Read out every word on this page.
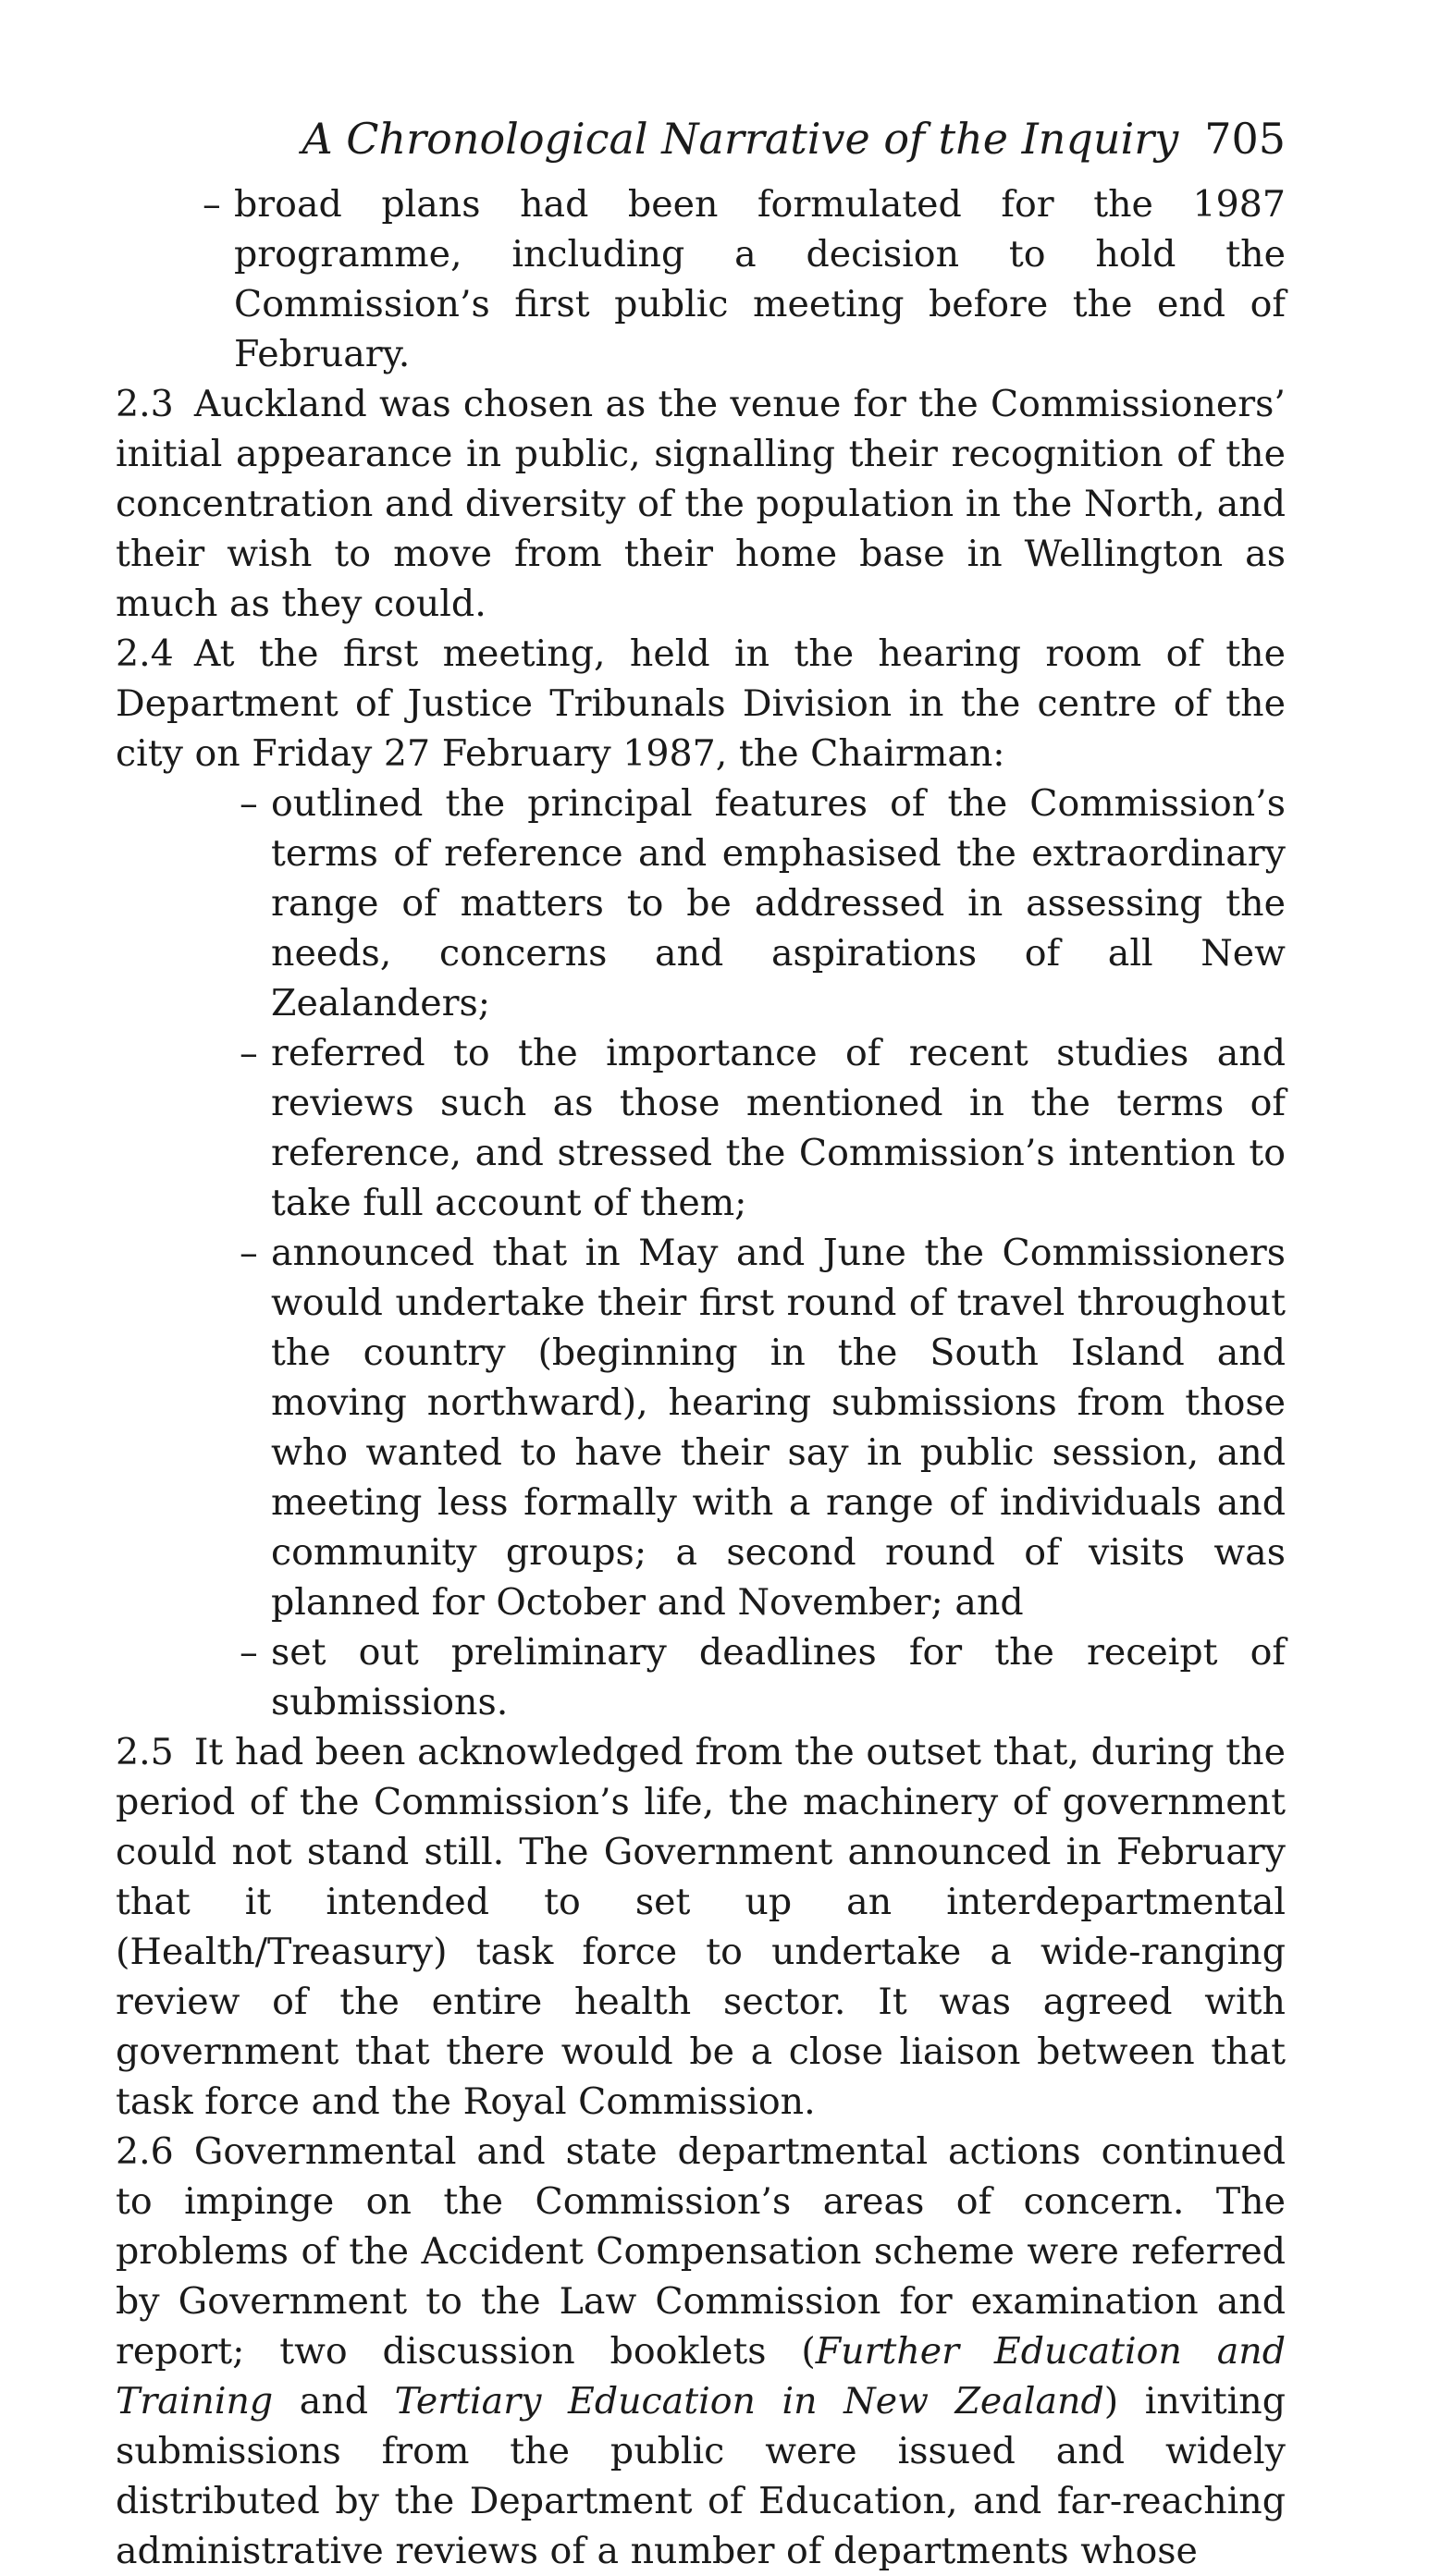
A Chronological Narrative of the Inquiry 705

– broad plans had been formulated for the 1987 programme, including a decision to hold the Commission’s first public meeting before the end of February.

2.3 Auckland was chosen as the venue for the Commissioners’ initial appearance in public, signalling their recognition of the concentration and diversity of the population in the North, and their wish to move from their home base in Wellington as much as they could.

2.4 At the first meeting, held in the hearing room of the Department of Justice Tribunals Division in the centre of the city on Friday 27 February 1987, the Chairman:

– outlined the principal features of the Commission’s terms of reference and emphasised the extraordinary range of matters to be addressed in assessing the needs, concerns and aspirations of all New Zealanders;

– referred to the importance of recent studies and reviews such as those mentioned in the terms of reference, and stressed the Commission’s intention to take full account of them;

– announced that in May and June the Commissioners would undertake their first round of travel throughout the country (beginning in the South Island and moving northward), hearing submissions from those who wanted to have their say in public session, and meeting less formally with a range of individuals and community groups; a second round of visits was planned for October and November; and

– set out preliminary deadlines for the receipt of submissions.

2.5 It had been acknowledged from the outset that, during the period of the Commission’s life, the machinery of government could not stand still. The Government announced in February that it intended to set up an interdepartmental (Health/Treasury) task force to undertake a wide-ranging review of the entire health sector. It was agreed with government that there would be a close liaison between that task force and the Royal Commission.

2.6 Governmental and state departmental actions continued to impinge on the Commission’s areas of concern. The problems of the Accident Compensation scheme were referred by Government to the Law Commission for examination and report; two discussion booklets (Further Education and Training and Tertiary Education in New Zealand) inviting submissions from the public were issued and widely distributed by the Department of Education, and far-reaching administrative reviews of a number of departments whose
